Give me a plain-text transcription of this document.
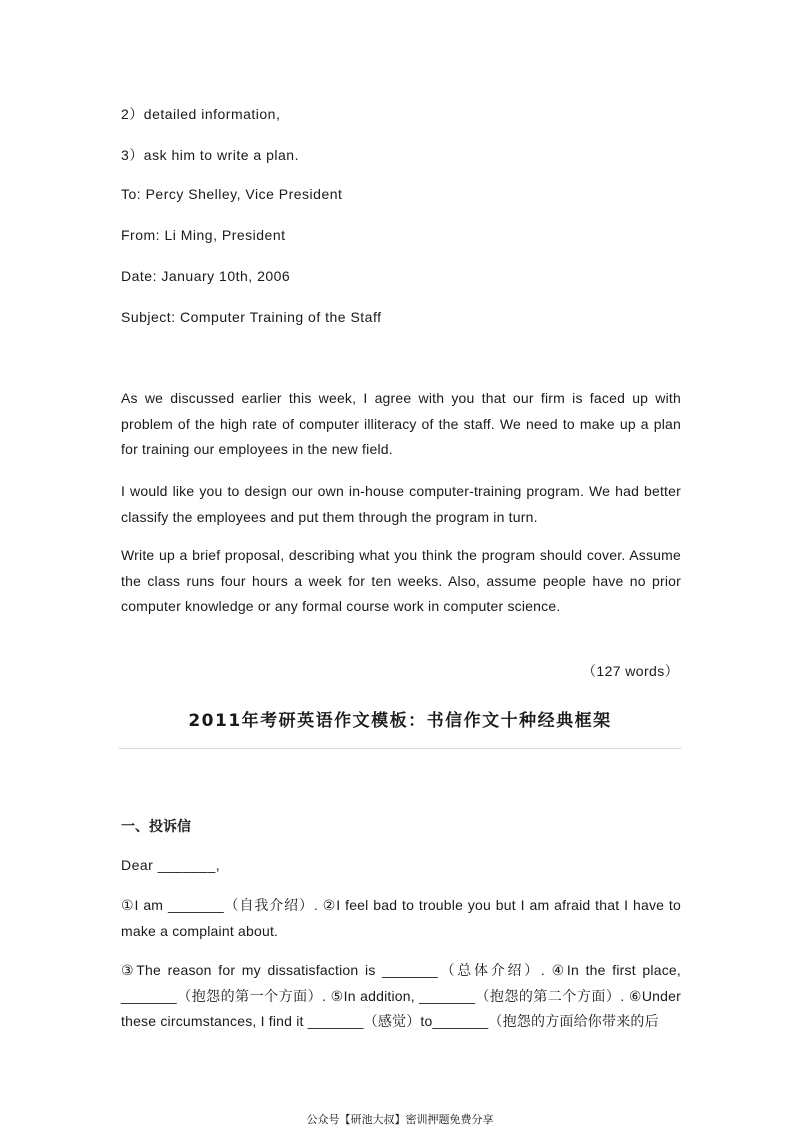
2）detailed information,
3）ask him to write a plan.
To: Percy Shelley, Vice President
From: Li Ming, President
Date: January 10th, 2006
Subject: Computer Training of the Staff

As we discussed earlier this week, I agree with you that our firm is faced up with problem of the high rate of computer illiteracy of the staff. We need to make up a plan for training our employees in the new field.

I would like you to design our own in-house computer-training program. We had better classify the employees and put them through the program in turn.

Write up a brief proposal, describing what you think the program should cover. Assume the class runs four hours a week for ten weeks. Also, assume people have no prior computer knowledge or any formal course work in computer science.

（127 words）
2011年考研英语作文模板：书信作文十种经典框架
一、投诉信
Dear _______,

①I am _______（自我介绍）. ②I feel bad to trouble you but I am afraid that I have to make a complaint about.

③The reason for my dissatisfaction is _______（总体介绍）. ④In the first place, _______（抱怨的第一个方面）. ⑤In addition, _______（抱怨的第二个方面）. ⑥Under these circumstances, I find it _______（感觉）to_______（抱怨的方面给你带来的后

公众号【研池大叔】密训押题免费分享
